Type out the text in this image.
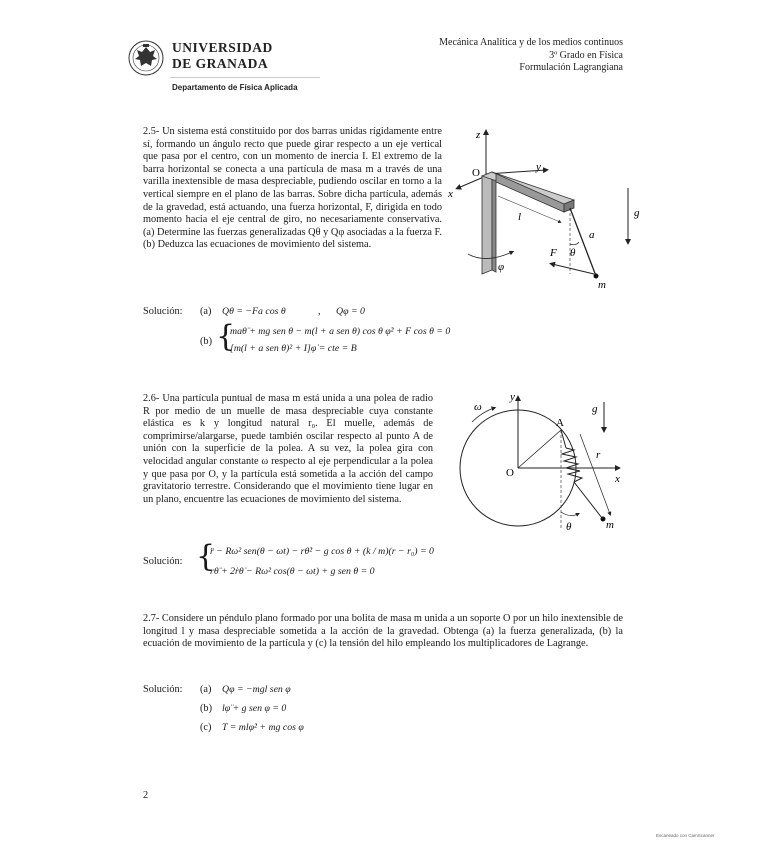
UNIVERSIDAD
DE GRANADA
Departamento de Física Aplicada
Mecánica Analítica y de los medios continuos
3º Grado en Física
Formulación Lagrangiana
2.5- Un sistema está constituido por dos barras unidas rígidamente entre sí, formando un ángulo recto que puede girar respecto a un eje vertical que pasa por el centro, con un momento de inercia I. El extremo de la barra horizontal se conecta a una partícula de masa m a través de una varilla inextensible de masa despreciable, pudiendo oscilar en torno a la vertical siempre en el plano de las barras. Sobre dicha partícula, además de la gravedad, está actuando, una fuerza horizontal, F, dirigida en todo momento hacia el eje central de giro, no necesariamente conservativa. (a) Determine las fuerzas generalizadas Qθ y Qφ asociadas a la fuerza F. (b) Deduzca las ecuaciones de movimiento del sistema.
z
y
x
O
l
a
θ
F
m
φ
g
Solución: (a) Qθ = −Fa cos θ	, Qφ = 0
(b) {
maθ̈ + mg sen θ − m(l + a sen θ) cos θ φ̇² + F cos θ = 0
[m(l + a sen θ)² + I]φ̇ = cte = B
2.6- Una partícula puntual de masa m está unida a una polea de radio R por medio de un muelle de masa despreciable cuya constante elástica es k y longitud natural r₀. El muelle, además de comprimirse/alargarse, puede también oscilar respecto al punto A de unión con la superficie de la polea. A su vez, la polea gira con velocidad angular constante ω respecto al eje perpendicular a la polea y que pasa por O, y la partícula está sometida a la acción del campo gravitatorio terrestre. Considerando que el movimiento tiene lugar en un plano, encuentre las ecuaciones de movimiento del sistema.
ω
y
x
O
A
r
m
θ
g
Solución: {
r̈ − Rω² sen(θ − ωt) − rθ̇² − g cos θ + (k / m)(r − r₀) = 0
rθ̈ + 2ṙθ̇ − Rω² cos(θ − ωt) + g sen θ = 0
2.7- Considere un péndulo plano formado por una bolita de masa m unida a un soporte O por un hilo inextensible de longitud l y masa despreciable sometida a la acción de la gravedad. Obtenga (a) la fuerza generalizada, (b) la ecuación de movimiento de la partícula y (c) la tensión del hilo empleando los multiplicadores de Lagrange.
Solución: (a) Qφ = −mgl sen φ
(b) lφ̈ + g sen φ = 0
(c) T = mlφ̇² + mg cos φ
2
Escaneado con CamScanner
